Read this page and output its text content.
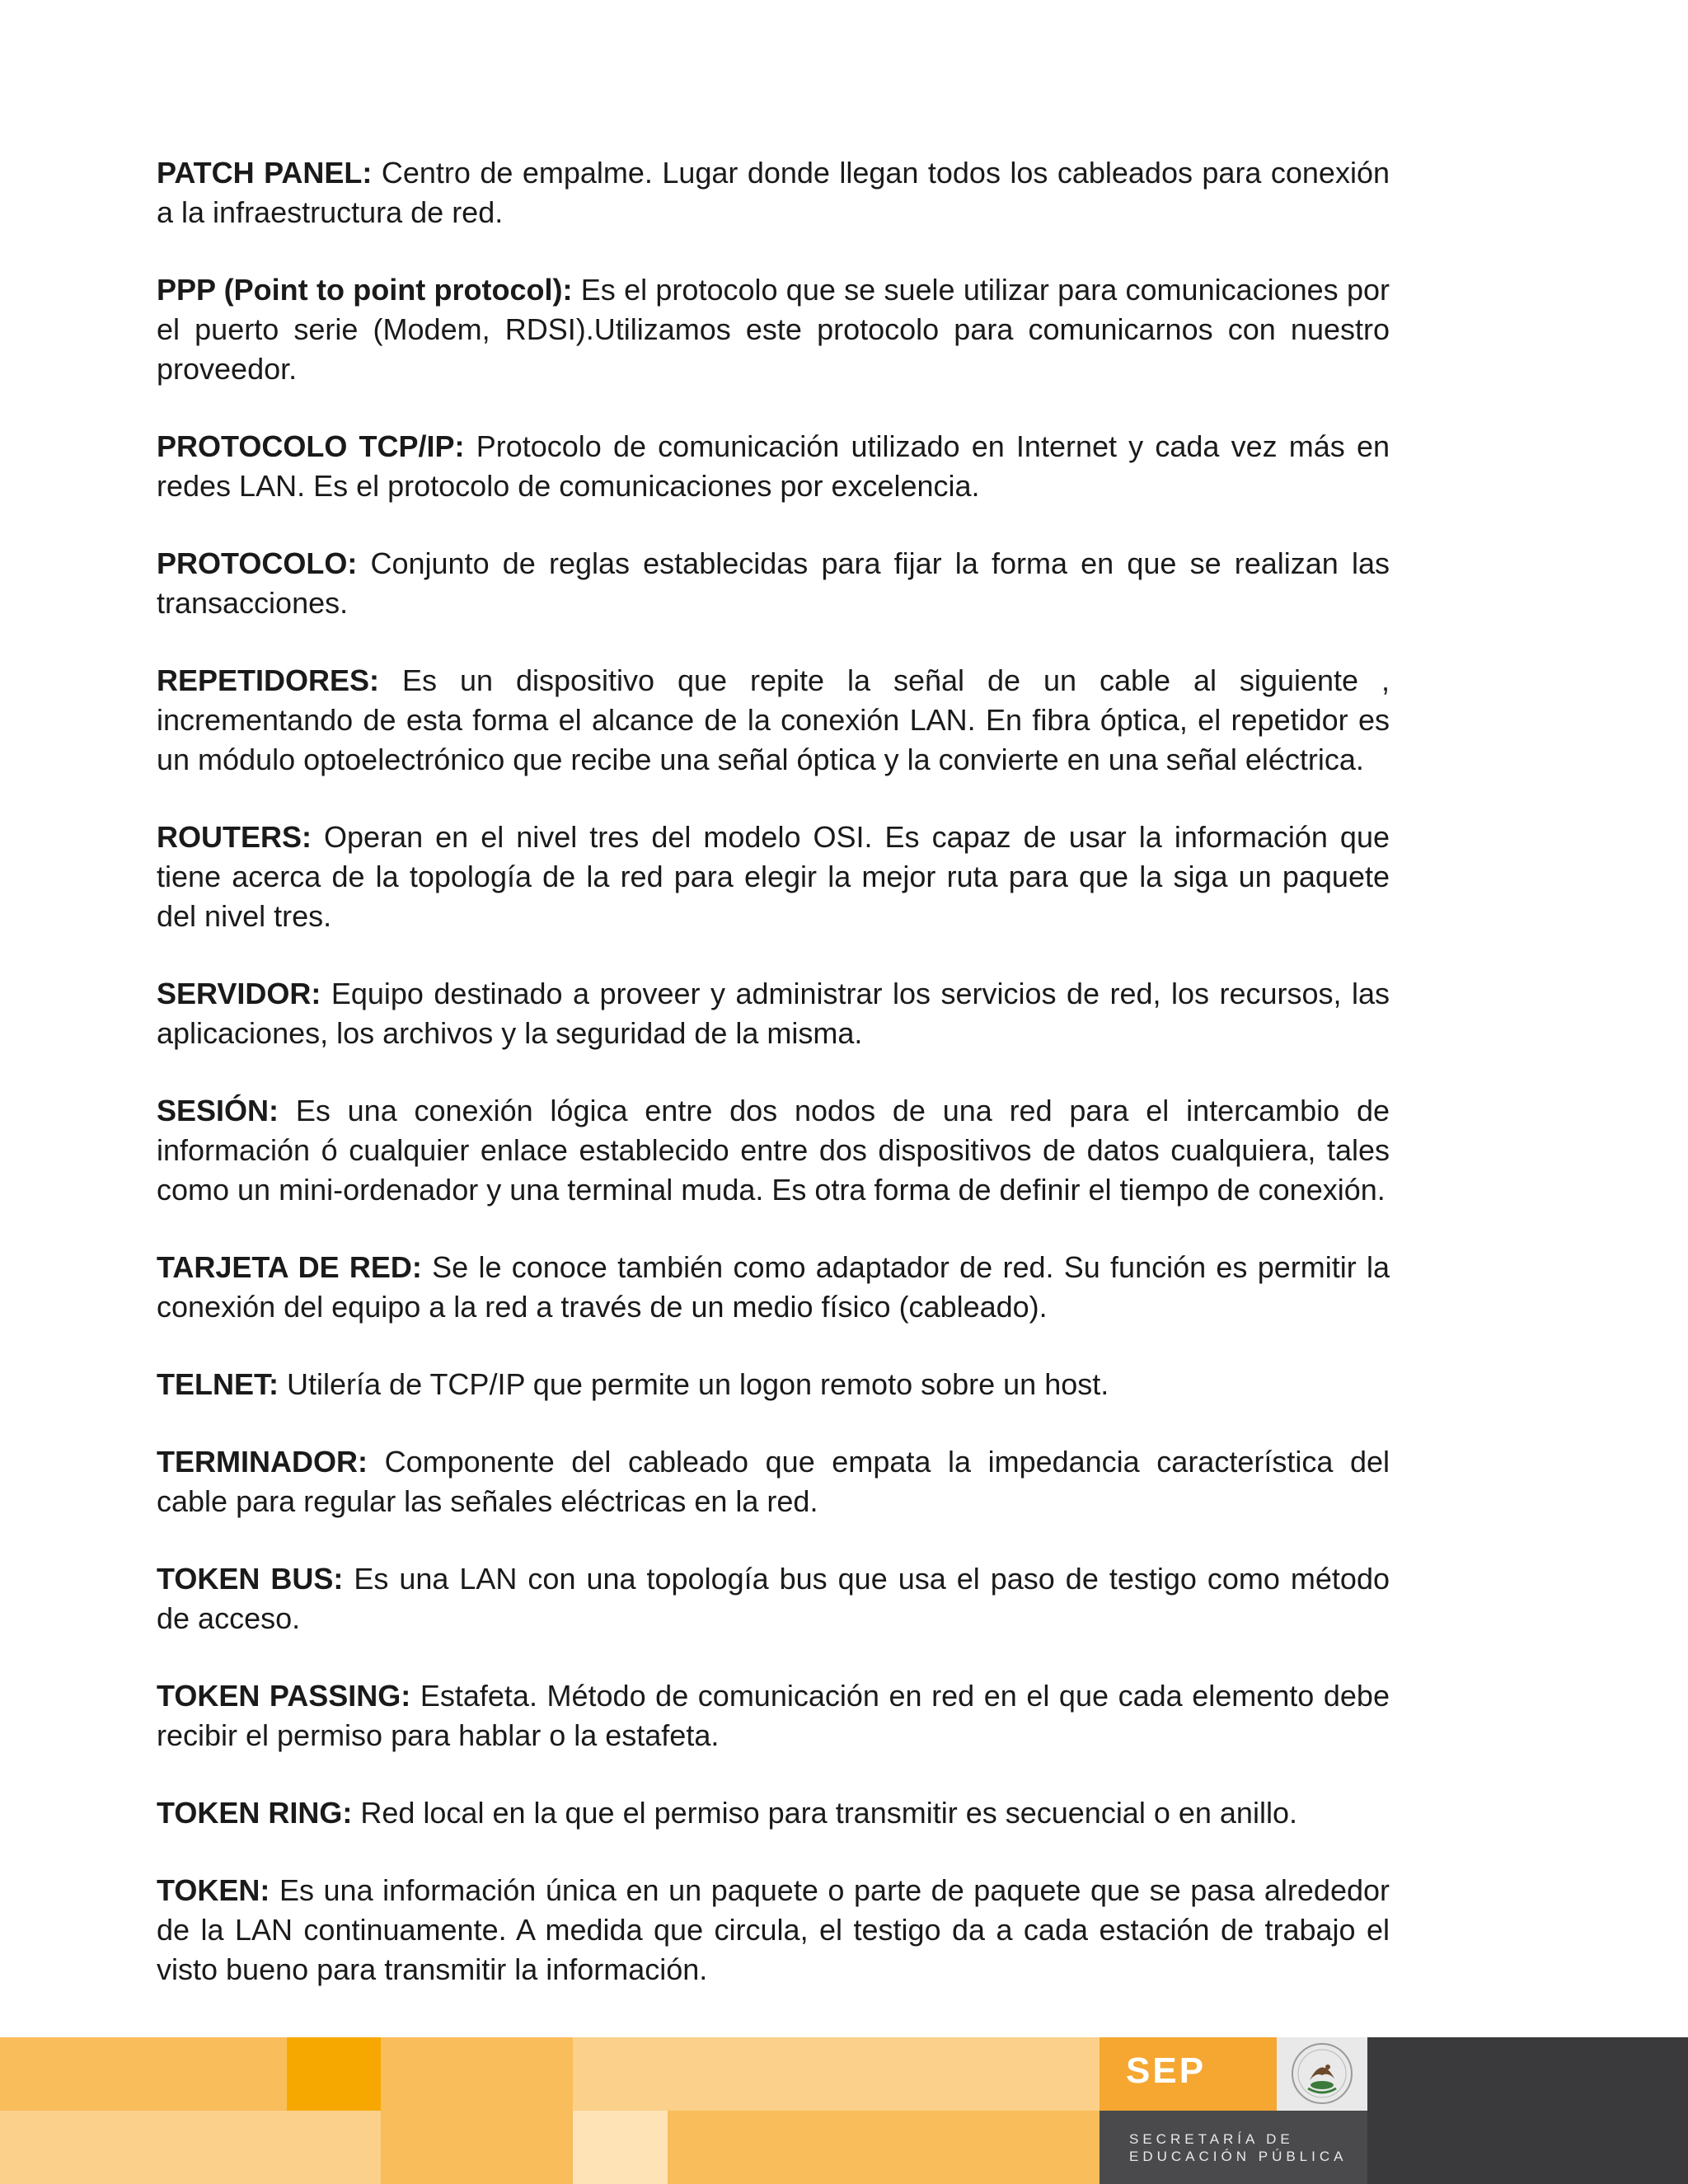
PATCH PANEL: Centro de empalme. Lugar donde llegan todos los cableados para conexión a la infraestructura de red.

PPP (Point to point protocol): Es el protocolo que se suele utilizar para comunicaciones por el puerto serie (Modem, RDSI).Utilizamos este protocolo para comunicarnos con nuestro proveedor.

PROTOCOLO TCP/IP: Protocolo de comunicación utilizado en Internet y cada vez más en redes LAN. Es el protocolo de comunicaciones por excelencia.

PROTOCOLO: Conjunto de reglas establecidas para fijar la forma en que se realizan las transacciones.

REPETIDORES: Es un dispositivo que repite la señal de un cable al siguiente , incrementando de esta forma el alcance de la conexión LAN. En fibra óptica, el repetidor es un módulo optoelectrónico que recibe una señal óptica y la convierte en una señal eléctrica.

ROUTERS: Operan en el nivel tres del modelo OSI. Es capaz de usar la información que tiene acerca de la topología de la red para elegir la mejor ruta para que la siga un paquete del nivel tres.

SERVIDOR: Equipo destinado a proveer y administrar los servicios de red, los recursos, las aplicaciones, los archivos y la seguridad de la misma.

SESIÓN: Es una conexión lógica entre dos nodos de una red para el intercambio de información ó cualquier enlace establecido entre dos dispositivos de datos cualquiera, tales como un mini-ordenador y una terminal muda. Es otra forma de definir el tiempo de conexión.

TARJETA DE RED: Se le conoce también como adaptador de red. Su función es permitir la conexión del equipo a la red a través de un medio físico (cableado).

TELNET: Utilería de TCP/IP que permite un logon remoto sobre un host.

TERMINADOR: Componente del cableado que empata la impedancia característica del cable para regular las señales eléctricas en la red.

TOKEN BUS: Es una LAN con una topología bus que usa el paso de testigo como método de acceso.

TOKEN PASSING: Estafeta. Método de comunicación en red en el que cada elemento debe recibir el permiso para hablar o la estafeta.

TOKEN RING: Red local en la que el permiso para transmitir es secuencial o en anillo.

TOKEN: Es una información única en un paquete o parte de paquete que se pasa alrededor de la LAN continuamente. A medida que circula, el testigo da a cada estación de trabajo el visto bueno para transmitir la información.

SEP
SECRETARÍA DE
EDUCACIÓN PÚBLICA
